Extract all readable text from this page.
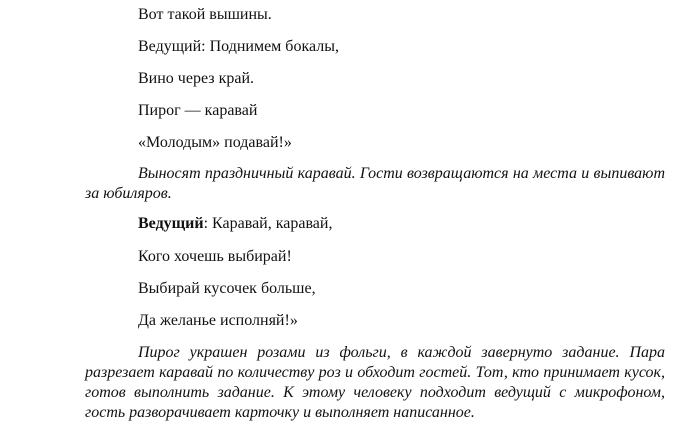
Вот такой вышины.

Ведущий: Поднимем бокалы,

Вино через край.

Пирог — каравай

«Молодым» подавай!»

Выносят праздничный каравай. Гости возвращаются на места и выпивают за юбиляров.

Ведущий: Каравай, каравай,

Кого хочешь выбирай!

Выбирай кусочек больше,

Да желанье исполняй!»

Пирог украшен розами из фольги, в каждой завернуто задание. Пара разрезает каравай по количеству роз и обходит гостей. Тот, кто принимает кусок, готов выполнить задание. К этому человеку подходит ведущий с микрофоном, гость разворачивает карточку и выполняет написанное.
